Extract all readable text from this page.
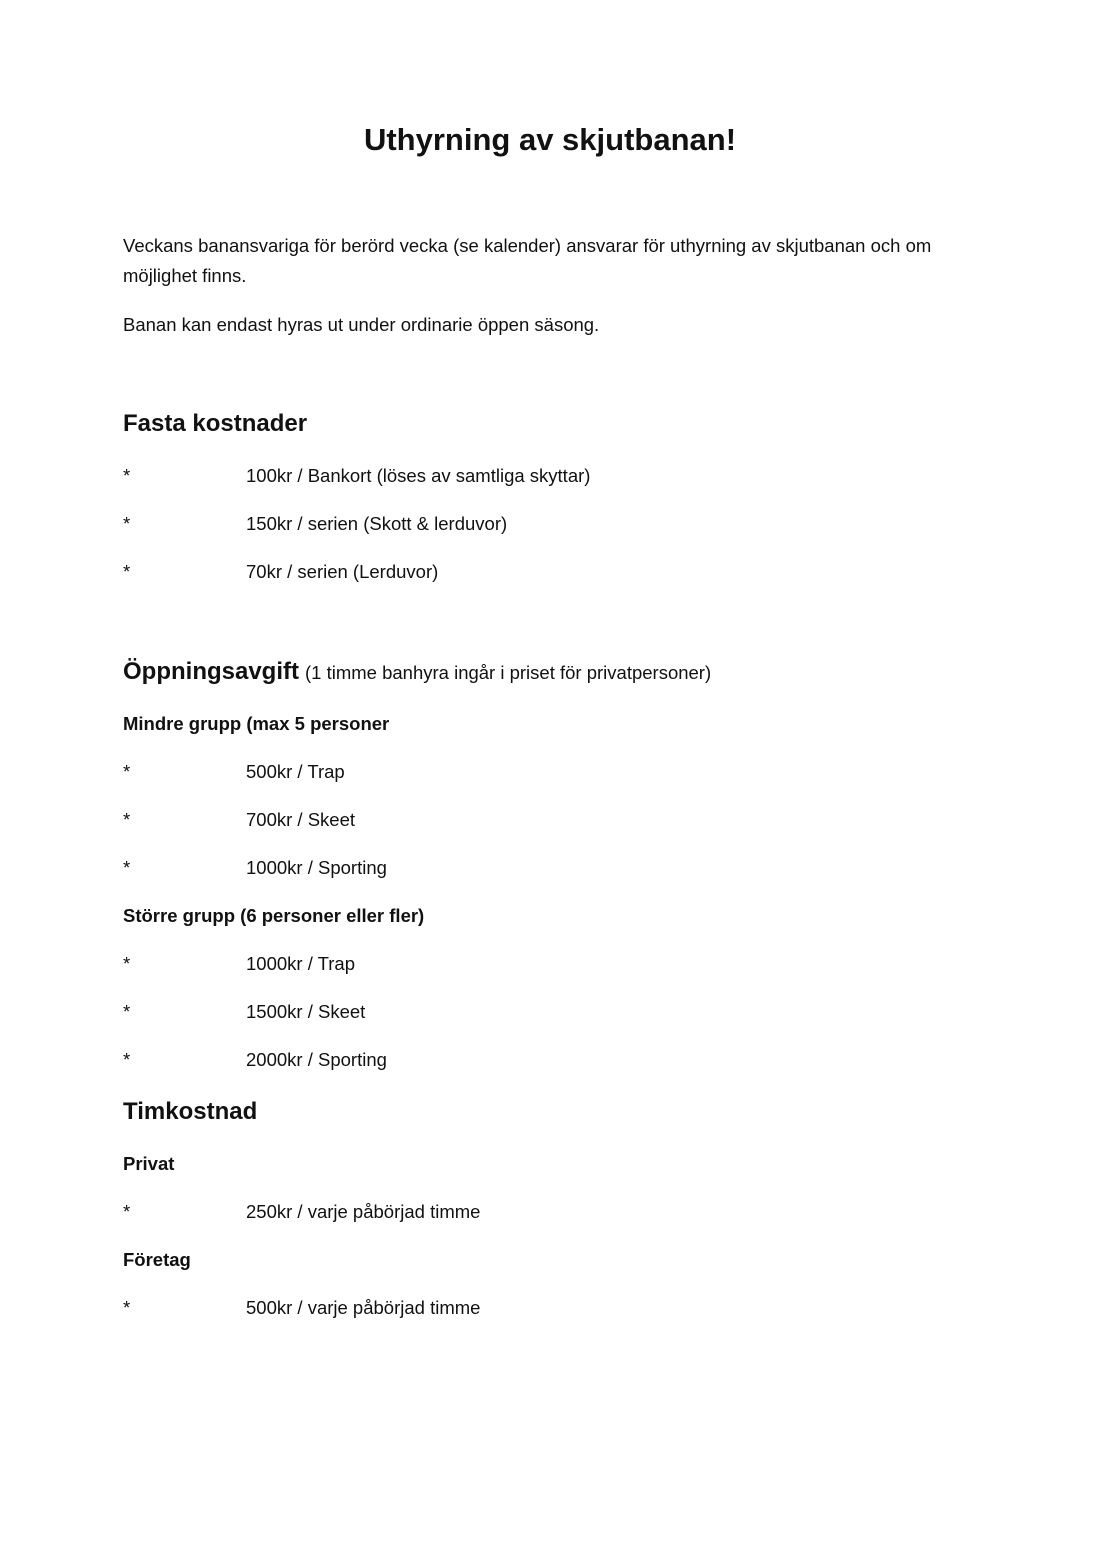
Uthyrning av skjutbanan!

Veckans banansvariga för berörd vecka (se kalender) ansvarar för uthyrning av skjutbanan och om möjlighet finns.

Banan kan endast hyras ut under ordinarie öppen säsong.

Fasta kostnader
*	100kr / Bankort (löses av samtliga skyttar)
*	150kr / serien (Skott & lerduvor)
*	70kr / serien (Lerduvor)
Öppningsavgift (1 timme banhyra ingår i priset för privatpersoner)
Mindre grupp (max 5 personer
*	500kr / Trap
*	700kr / Skeet
*	1000kr / Sporting
Större grupp (6 personer eller fler)
*	1000kr / Trap
*	1500kr / Skeet
*	2000kr / Sporting
Timkostnad
Privat
*	250kr / varje påbörjad timme
Företag
*	500kr / varje påbörjad timme
